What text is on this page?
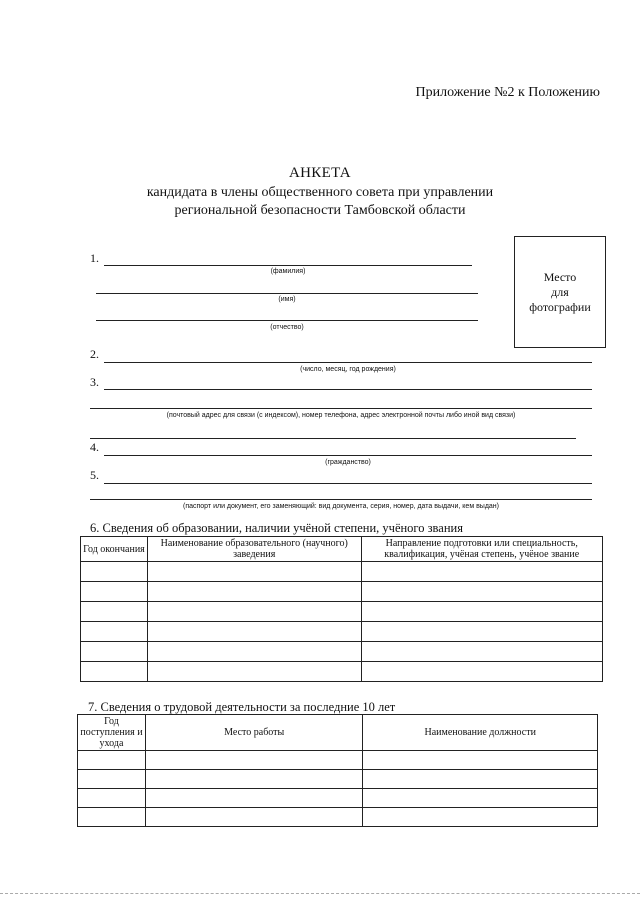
Приложение №2 к Положению
АНКЕТА
кандидата в члены общественного совета при управлении
региональной безопасности Тамбовской области
Место
для
фотографии
1.
(фамилия)
(имя)
(отчество)
2.
(число, месяц, год рождения)
3.
(почтовый адрес для связи (с индексом), номер телефона, адрес электронной почты либо иной вид связи)
4.
(гражданство)
5.
(паспорт или документ, его заменяющий: вид документа, серия, номер, дата выдачи, кем выдан)
6. Сведения об образовании, наличии учёной степени, учёного звания
Год окончания	Наименование образовательного (научного) заведения	Направление подготовки или специальность, квалификация, учёная степень, учёное звание

7. Сведения о трудовой деятельности за последние 10 лет
Год поступления и ухода	Место работы	Наименование должности
